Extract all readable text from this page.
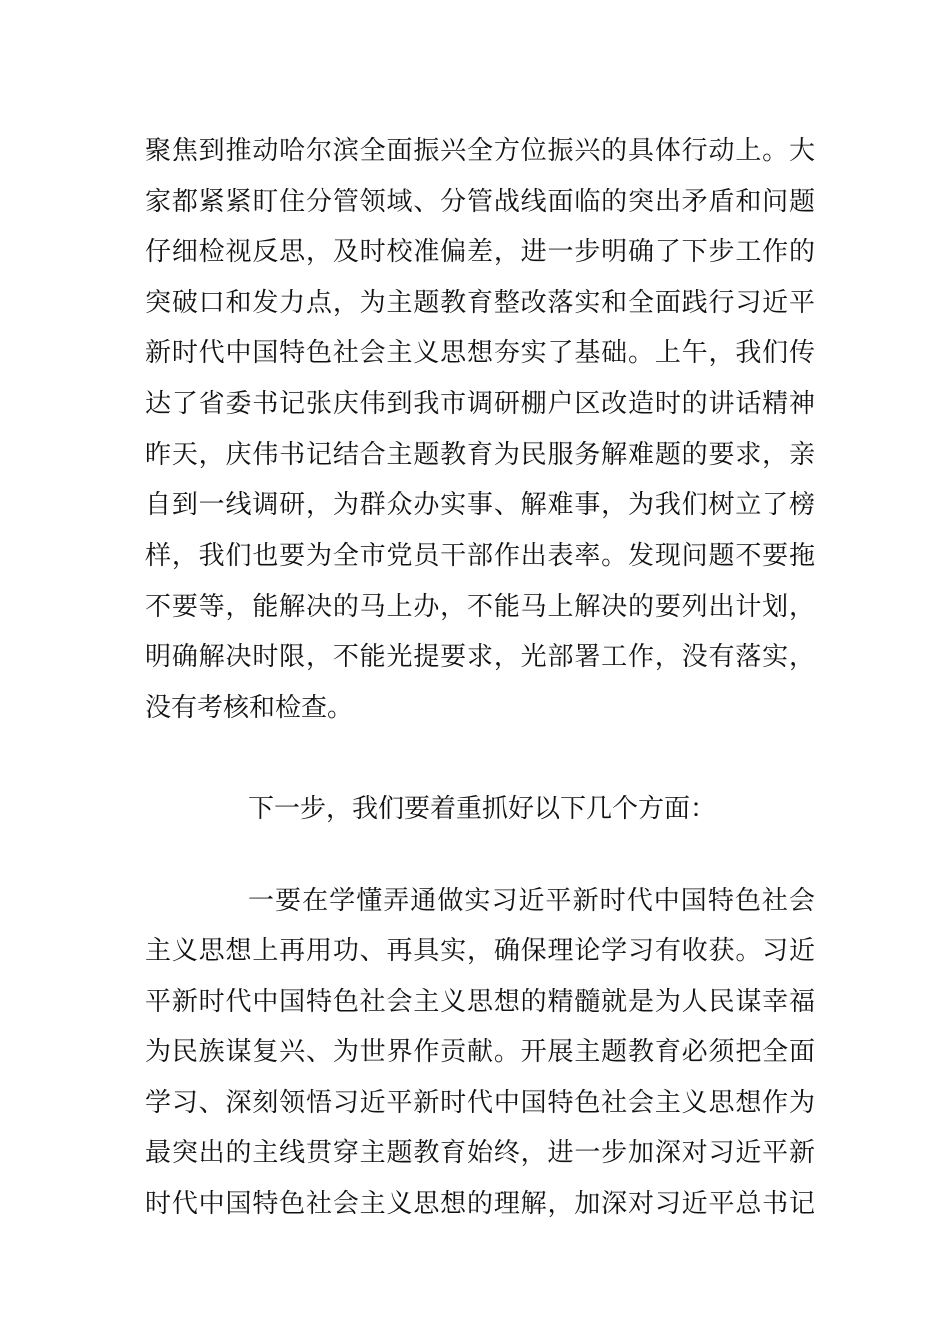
聚焦到推动哈尔滨全面振兴全方位振兴的具体行动上。大
家都紧紧盯住分管领域、分管战线面临的突出矛盾和问题
仔细检视反思，及时校准偏差，进一步明确了下步工作的
突破口和发力点，为主题教育整改落实和全面践行习近平
新时代中国特色社会主义思想夯实了基础。上午，我们传
达了省委书记张庆伟到我市调研棚户区改造时的讲话精神
昨天，庆伟书记结合主题教育为民服务解难题的要求，亲
自到一线调研，为群众办实事、解难事，为我们树立了榜
样，我们也要为全市党员干部作出表率。发现问题不要拖
不要等，能解决的马上办，不能马上解决的要列出计划，
明确解决时限，不能光提要求，光部署工作，没有落实，
没有考核和检查。
下一步，我们要着重抓好以下几个方面：
一要在学懂弄通做实习近平新时代中国特色社会
主义思想上再用功、再具实，确保理论学习有收获。习近
平新时代中国特色社会主义思想的精髓就是为人民谋幸福
为民族谋复兴、为世界作贡献。开展主题教育必须把全面
学习、深刻领悟习近平新时代中国特色社会主义思想作为
最突出的主线贯穿主题教育始终，进一步加深对习近平新
时代中国特色社会主义思想的理解，加深对习近平总书记
